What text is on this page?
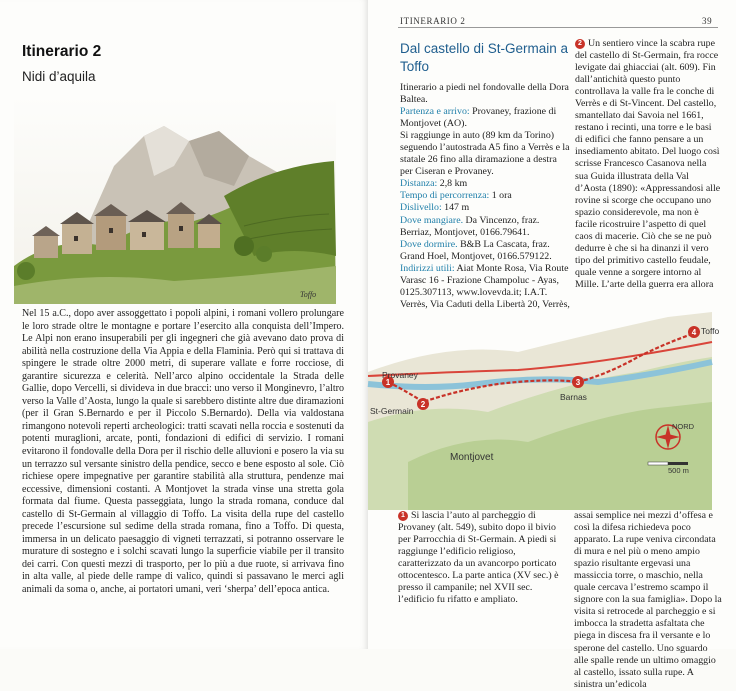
Itinerario 2
Nidi d’aquila
Toffo

Nel 15 a.C., dopo aver assoggettato i popoli alpini, i romani vollero prolungare le loro strade oltre le montagne e portare l’esercito alla conquista dell’Impero. Le Alpi non erano insuperabili per gli ingegneri che già avevano dato prova di abilità nella costruzione della Via Appia e della Flaminia. Però qui si trattava di spingere le strade oltre 2000 metri, di superare vallate e forre rocciose, di garantire sicurezza e celerità. Nell’arco alpino occidentale la Strada delle Gallie, dopo Vercelli, si divideva in due bracci: uno verso il Monginevro, l’altro verso la Valle d’Aosta, lungo la quale si sarebbero distinte altre due diramazioni (per il Gran S.Bernardo e per il Piccolo S.Bernardo). Della via valdostana rimangono notevoli reperti archeologici: tratti scavati nella roccia e sostenuti da potenti muraglioni, arcate, ponti, fondazioni di edifici di servizio. I romani evitarono il fondovalle della Dora per il rischio delle alluvioni e posero la via su un terrazzo sul versante sinistro della pendice, secco e bene esposto al sole. Ciò richiese opere impegnative per garantire stabilità alla struttura, pendenze mai eccessive, dimensioni costanti. A Montjovet la strada vinse una stretta gola formata dal fiume. Questa passeggiata, lungo la strada romana, conduce dal castello di St-Germain al villaggio di Toffo. La visita della rupe del castello precede l’escursione sul sedime della strada romana, fino a Toffo. Di questa, immersa in un delicato paesaggio di vigneti terrazzati, si potranno osservare le murature di sostegno e i solchi scavati lungo la superficie viabile per il transito dei carri. Con questi mezzi di trasporto, per lo più a due ruote, si arrivava fino in alta valle, al piede delle rampe di valico, quindi si passavano le merci agli animali da soma o, anche, ai portatori umani, veri ‘sherpa’ dell’epoca antica.

ITINERARIO 2	39
Dal castello di St-Germain a Toffo
Itinerario a piedi nel fondovalle della Dora Baltea.
Partenza e arrivo: Provaney, frazione di Montjovet (AO).
Si raggiunge in auto (89 km da Torino) seguendo l’autostrada A5 fino a Verrès e la statale 26 fino alla diramazione a destra per Ciseran e Provaney.
Distanza: 2,8 km
Tempo di percorrenza: 1 ora
Dislivello: 147 m
Dove mangiare. Da Vincenzo, fraz. Berriaz, Montjovet, 0166.79641.
Dove dormire. B&B La Cascata, fraz. Grand Hoel, Montjovet, 0166.579122.
Indirizzi utili: Aiat Monte Rosa, Via Route Varasc 16 - Frazione Champoluc - Ayas, 0125.307113, www.lovevda.it; I.A.T. Verrès, Via Caduti della Libertà 20, Verrès,
2 Un sentiero vince la scabra rupe del castello di St-Germain, fra rocce levigate dai ghiacciai (alt. 609). Fin dall’antichità questo punto controllava la valle fra le conche di Verrès e di St-Vincent. Del castello, smantellato dai Savoia nel 1661, restano i recinti, una torre e le basi di edifici che fanno pensare a un insediamento abitato. Del luogo così scrisse Francesco Casanova nella sua Guida illustrata della Val d’Aosta (1890): «Appressandosi alle rovine si scorge che occupano uno spazio considerevole, ma non è facile ricostruire l’aspetto di quel caos di macerie. Ciò che se ne può dedurre è che si ha dinanzi il vero tipo del primitivo castello feudale, quale venne a sorgere intorno al Mille. L’arte della guerra era allora
1
2
3
4
Provaney
St-Germain
Montjovet
Barnas
Toffo
NORD
500 m
1 Si lascia l’auto al parcheggio di Provaney (alt. 549), subito dopo il bivio per Parrocchia di St-Germain. A piedi si raggiunge l’edificio religioso, caratterizzato da un avancorpo porticato ottocentesco. La parte antica (XV sec.) è presso il campanile; nel XVII sec. l’edificio fu rifatto e ampliato.
assai semplice nei mezzi d’offesa e così la difesa richiedeva poco apparato. La rupe veniva circondata di mura e nel più o meno ampio spazio risultante ergevasi una massiccia torre, o maschio, nella quale cercava l’estremo scampo il signore con la sua famiglia». Dopo la visita si retrocede al parcheggio e si imbocca la stradetta asfaltata che piega in discesa fra il versante e lo sperone del castello. Uno sguardo alle spalle rende un ultimo omaggio al castello, issato sulla rupe. A sinistra un’edicola
